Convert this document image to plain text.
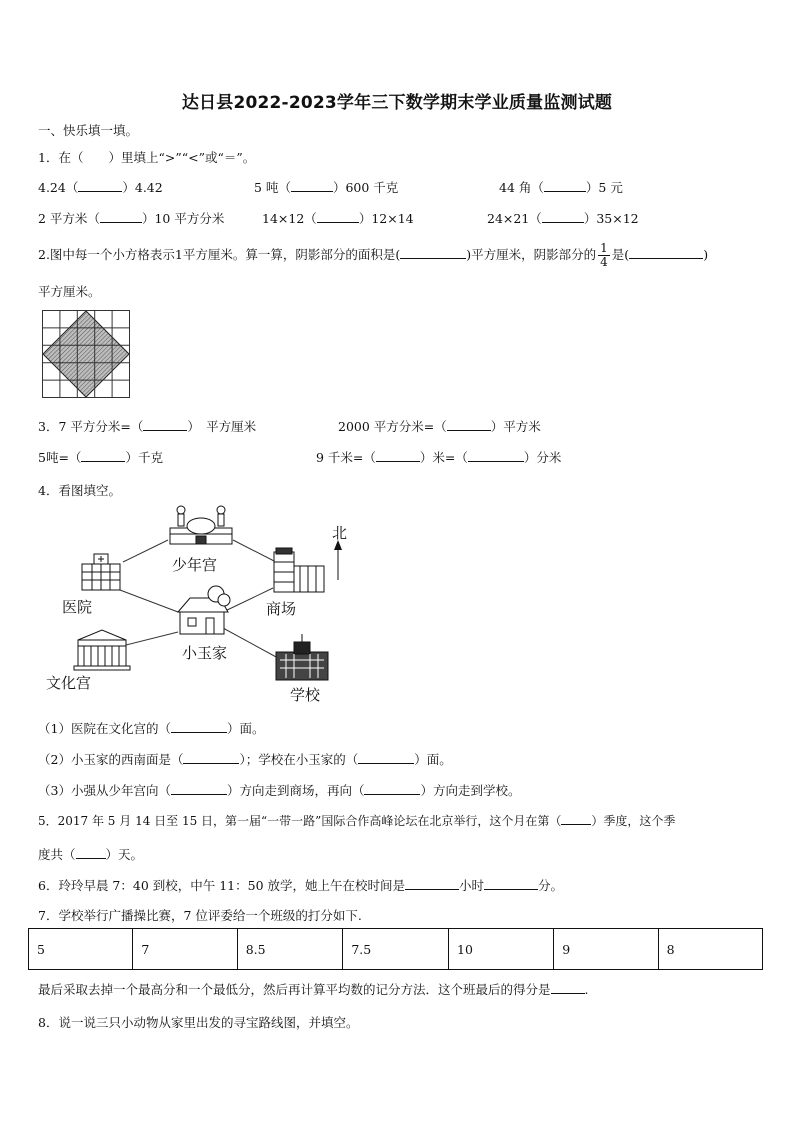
达日县2022-2023学年三下数学期末学业质量监测试题
一、快乐填一填。
1．在（　　）里填上“>”“<”或“＝”。
4.24（	）4.42	5 吨（	）600 千克	44 角（	）5 元
2 平方米（	）10 平方分米	14×12（	）12×14	24×21（	）35×12
2.图中每一个小方格表示1平方厘米。算一算，阴影部分的面积是(	)平方厘米，阴影部分的 $\frac{1}{4}$ 是(	)
平方厘米。
3．7 平方分米=（	）　平方厘米	2000 平方分米=（	）平方米
5吨=（	）千克	9 千米=（	）米=（	）分米
4．看图填空。
北
少年宫
医院	商场
小玉家
文化宫
学校
（1）医院在文化宫的（	）面。
（2）小玉家的西南面是（	）；学校在小玉家的（	）面。
（3）小强从少年宫向（	）方向走到商场，再向（	）方向走到学校。
5．2017 年 5 月 14 日至 15 日，第一届“一带一路”国际合作高峰论坛在北京举行，这个月在第（	）季度，这个季
度共（ ）天。
6．玲玲早晨 7：40 到校，中午 11：50 放学，她上午在校时间是	小时	分。
7．学校举行广播操比赛，7 位评委给一个班级的打分如下.
5	7	8.5	7.5	10	9	8
最后采取去掉一个最高分和一个最低分，然后再计算平均数的记分方法．这个班最后的得分是	.
8．说一说三只小动物从家里出发的寻宝路线图，并填空。
